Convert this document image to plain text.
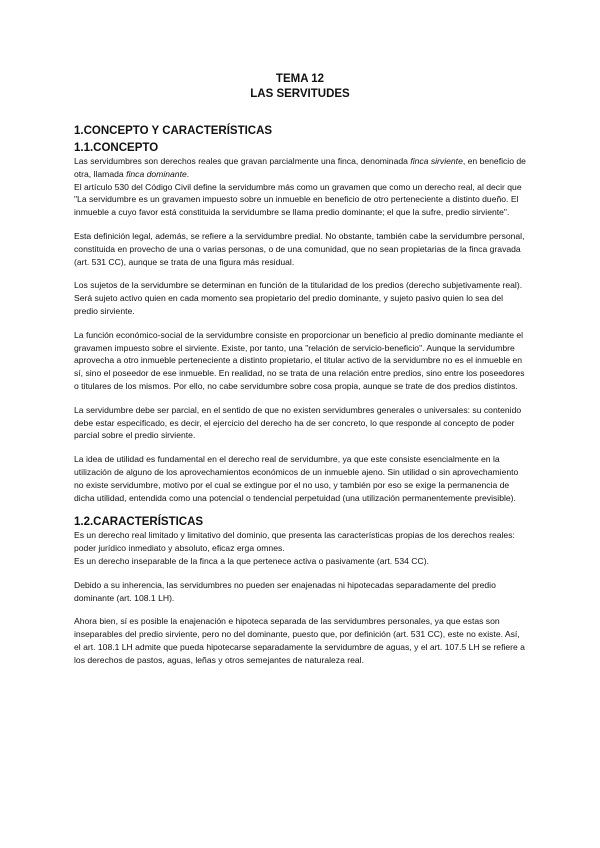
TEMA 12
LAS SERVITUDES
1.CONCEPTO Y CARACTERÍSTICAS
1.1.CONCEPTO

Las servidumbres son derechos reales que gravan parcialmente una finca, denominada finca sirviente, en beneficio de otra, llamada finca dominante.

El artículo 530 del Código Civil define la servidumbre más como un gravamen que como un derecho real, al decir que "La servidumbre es un gravamen impuesto sobre un inmueble en beneficio de otro perteneciente a distinto dueño. El inmueble a cuyo favor está constituida la servidumbre se llama predio dominante; el que la sufre, predio sirviente".

Esta definición legal, además, se refiere a la servidumbre predial. No obstante, también cabe la servidumbre personal, constituida en provecho de una o varias personas, o de una comunidad, que no sean propietarias de la finca gravada (art. 531 CC), aunque se trata de una figura más residual.

Los sujetos de la servidumbre se determinan en función de la titularidad de los predios (derecho subjetivamente real). Será sujeto activo quien en cada momento sea propietario del predio dominante, y sujeto pasivo quien lo sea del predio sirviente.

La función económico-social de la servidumbre consiste en proporcionar un beneficio al predio dominante mediante el gravamen impuesto sobre el sirviente. Existe, por tanto, una "relación de servicio-beneficio". Aunque la servidumbre aprovecha a otro inmueble perteneciente a distinto propietario, el titular activo de la servidumbre no es el inmueble en sí, sino el poseedor de ese inmueble. En realidad, no se trata de una relación entre predios, sino entre los poseedores o titulares de los mismos. Por ello, no cabe servidumbre sobre cosa propia, aunque se trate de dos predios distintos.

La servidumbre debe ser parcial, en el sentido de que no existen servidumbres generales o universales: su contenido debe estar especificado, es decir, el ejercicio del derecho ha de ser concreto, lo que responde al concepto de poder parcial sobre el predio sirviente.

La idea de utilidad es fundamental en el derecho real de servidumbre, ya que este consiste esencialmente en la utilización de alguno de los aprovechamientos económicos de un inmueble ajeno. Sin utilidad o sin aprovechamiento no existe servidumbre, motivo por el cual se extingue por el no uso, y también por eso se exige la permanencia de dicha utilidad, entendida como una potencial o tendencial perpetuidad (una utilización permanentemente previsible).

1.2.CARACTERÍSTICAS

Es un derecho real limitado y limitativo del dominio, que presenta las características propias de los derechos reales: poder jurídico inmediato y absoluto, eficaz erga omnes.

Es un derecho inseparable de la finca a la que pertenece activa o pasivamente (art. 534 CC).

Debido a su inherencia, las servidumbres no pueden ser enajenadas ni hipotecadas separadamente del predio dominante (art. 108.1 LH).

Ahora bien, sí es posible la enajenación e hipoteca separada de las servidumbres personales, ya que estas son inseparables del predio sirviente, pero no del dominante, puesto que, por definición (art. 531 CC), este no existe. Así, el art. 108.1 LH admite que pueda hipotecarse separadamente la servidumbre de aguas, y el art. 107.5 LH se refiere a los derechos de pastos, aguas, leñas y otros semejantes de naturaleza real.
